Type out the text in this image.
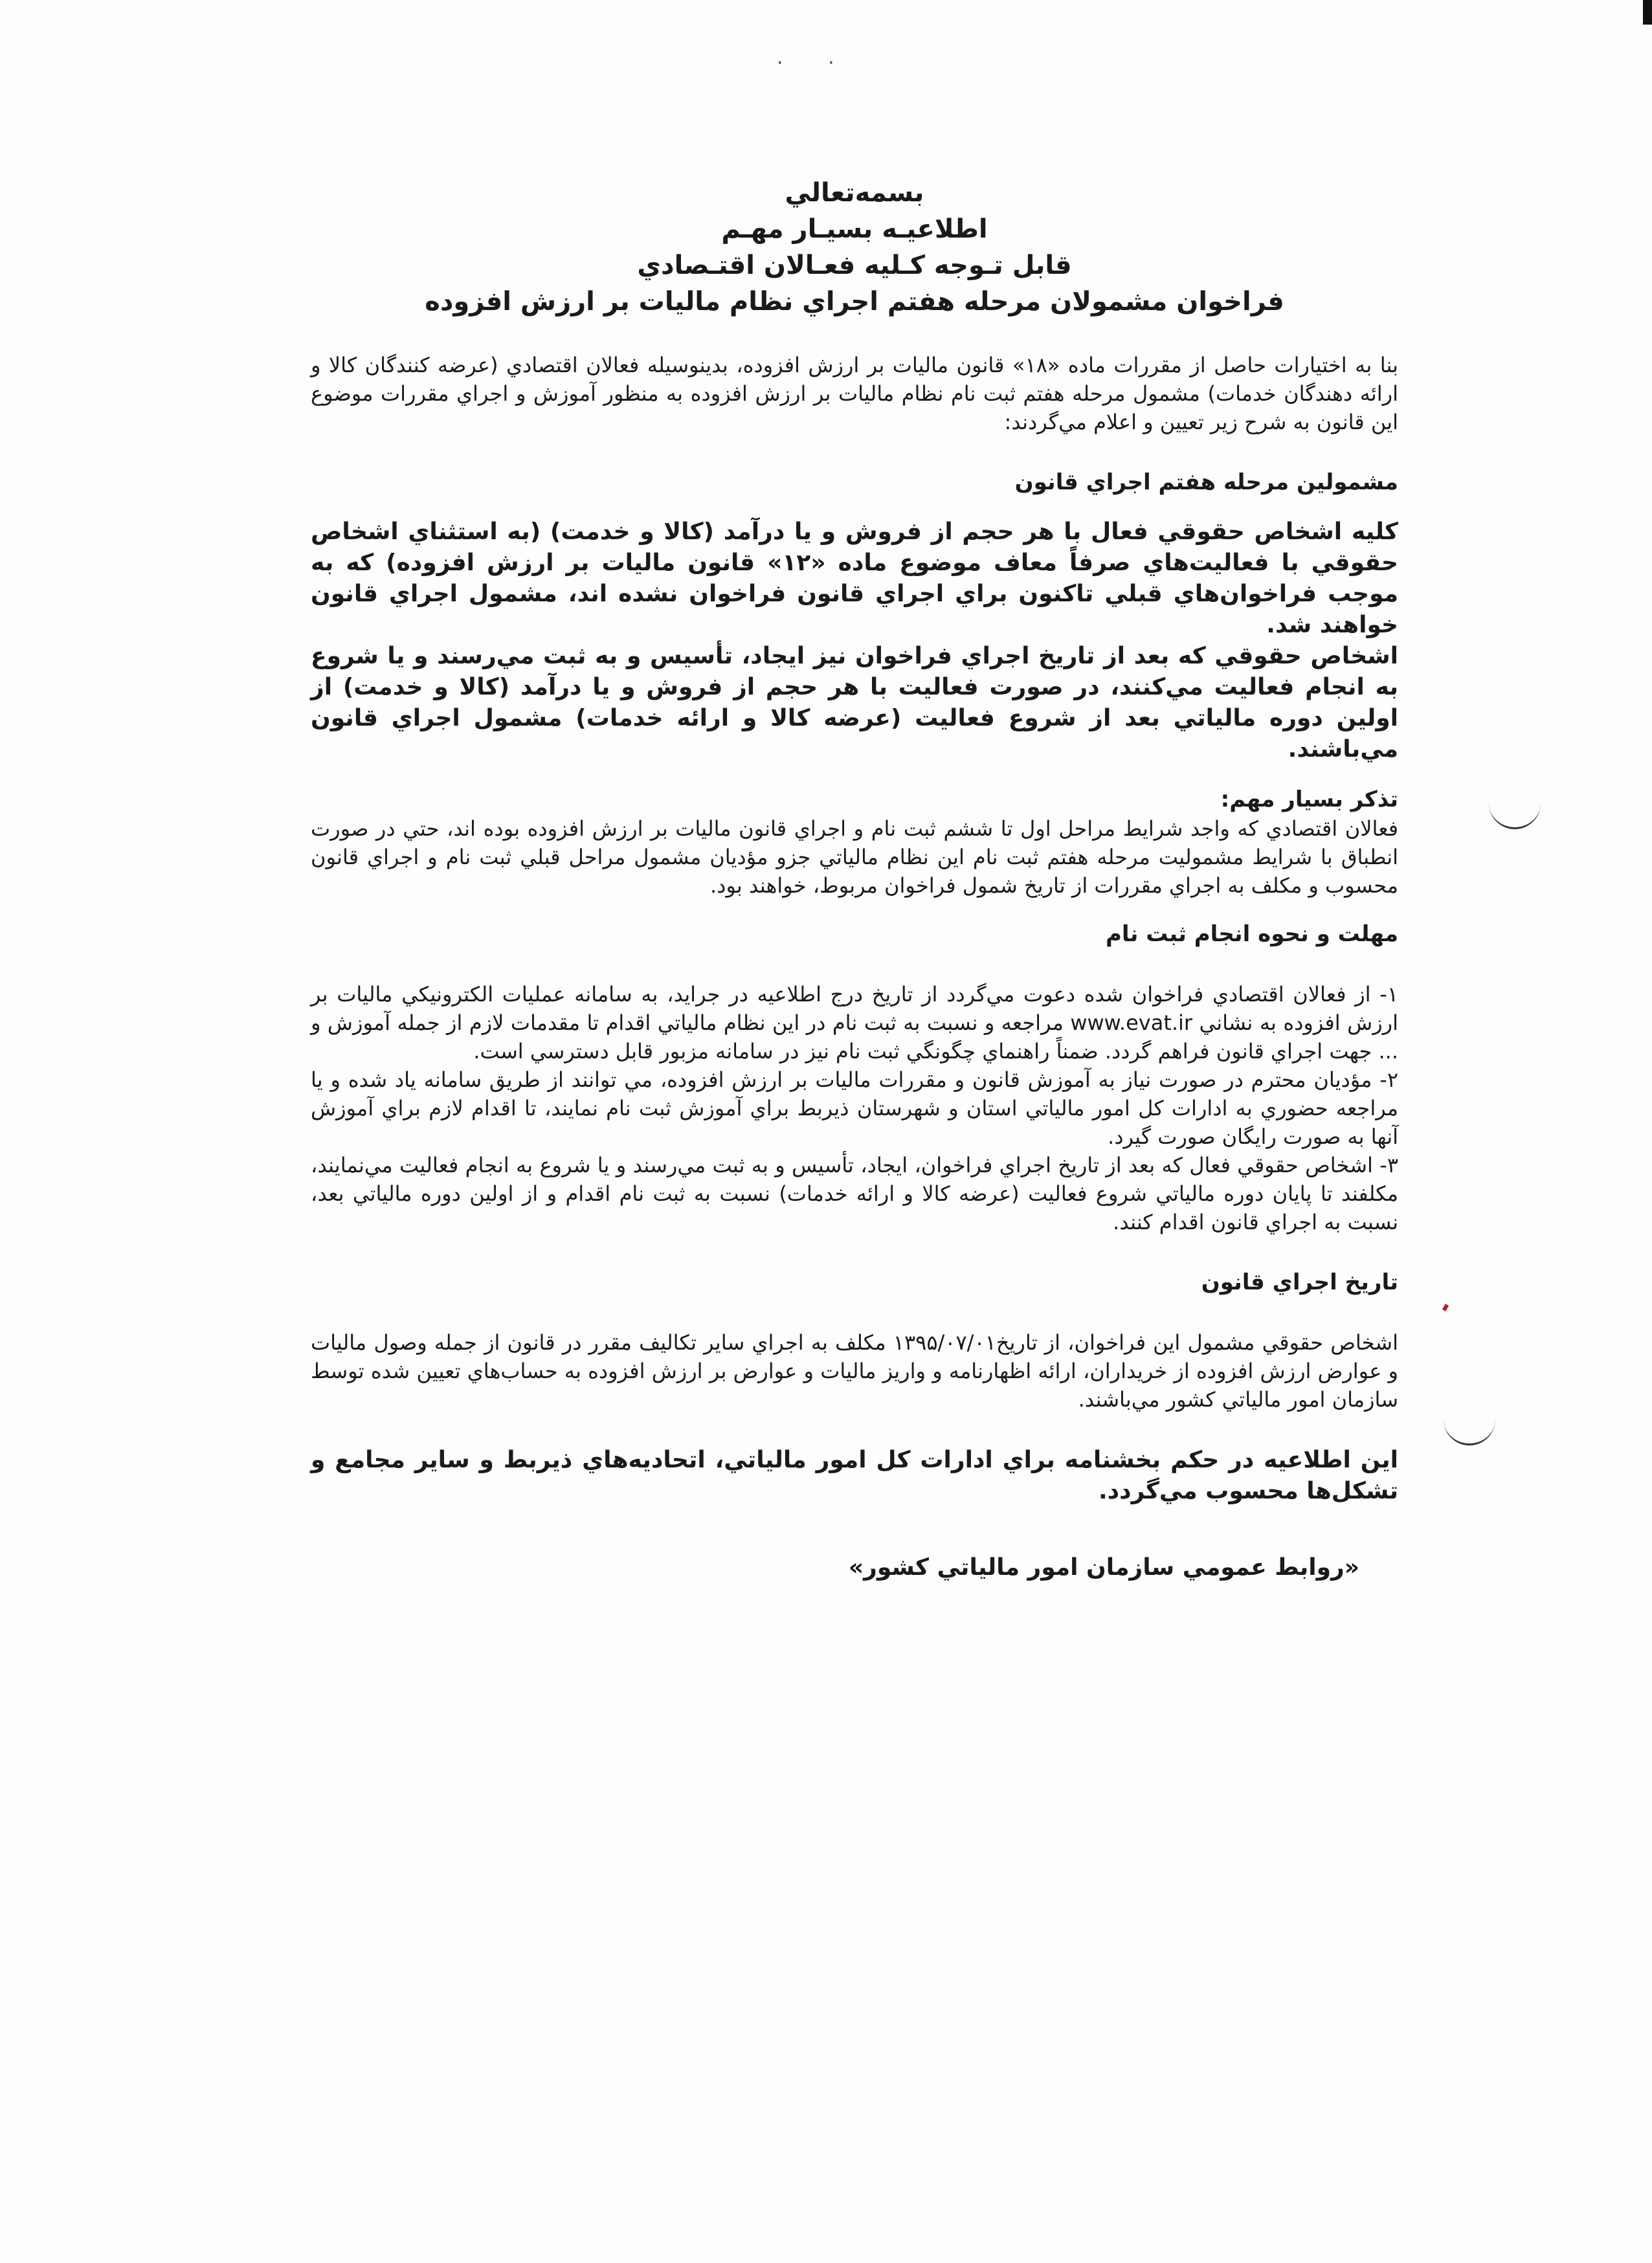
· ·
بسمه‌تعالي
اطلاعيـه بسيـار مهـم
قابل تـوجه كـليه فعـالان اقتـصادي
فراخوان مشمولان مرحله هفتم اجراي نظام ماليات بر ارزش افزوده

بنا به اختيارات حاصل از مقررات ماده «۱۸» قانون ماليات بر ارزش افزوده، بدينوسيله فعالان اقتصادي (عرضه كنندگان كالا و ارائه دهندگان خدمات) مشمول مرحله هفتم ثبت نام نظام ماليات بر ارزش افزوده به منظور آموزش و اجراي مقررات موضوع اين قانون به شرح زير تعيين و اعلام مي‌گردند:

مشمولين مرحله هفتم اجراي قانون

كليه اشخاص حقوقي فعال با هر حجم از فروش و يا درآمد (كالا و خدمت) (به استثناي اشخاص حقوقي با فعاليت‌هاي صرفاً معاف موضوع ماده «۱۲» قانون ماليات بر ارزش افزوده) كه به موجب فراخوان‌هاي قبلي تاكنون براي اجراي قانون فراخوان نشده اند، مشمول اجراي قانون خواهند شد.

اشخاص حقوقي كه بعد از تاريخ اجراي فراخوان نيز ايجاد، تأسيس و به ثبت مي‌رسند و يا شروع به انجام فعاليت مي‌كنند، در صورت فعاليت با هر حجم از فروش و يا درآمد (كالا و خدمت) از اولين دوره مالياتي بعد از شروع فعاليت (عرضه كالا و ارائه خدمات) مشمول اجراي قانون مي‌باشند.

تذكر بسيار مهم:

فعالان اقتصادي كه واجد شرايط مراحل اول تا ششم ثبت نام و اجراي قانون ماليات بر ارزش افزوده بوده اند، حتي در صورت انطباق با شرايط مشموليت مرحله هفتم ثبت نام اين نظام مالياتي جزو مؤديان مشمول مراحل قبلي ثبت نام و اجراي قانون محسوب و مكلف به اجراي مقررات از تاريخ شمول فراخوان مربوط، خواهند بود.

مهلت و نحوه انجام ثبت نام

۱- از فعالان اقتصادي فراخوان شده دعوت مي‌گردد از تاريخ درج اطلاعيه در جرايد، به سامانه عمليات الكترونيكي ماليات بر ارزش افزوده به نشاني www.evat.ir مراجعه و نسبت به ثبت نام در اين نظام مالياتي اقدام تا مقدمات لازم از جمله آموزش و ... جهت اجراي قانون فراهم گردد. ضمناً راهنماي چگونگي ثبت نام نيز در سامانه مزبور قابل دسترسي است.

۲- مؤديان محترم در صورت نياز به آموزش قانون و مقررات ماليات بر ارزش افزوده، مي توانند از طريق سامانه ياد شده و يا مراجعه حضوري به ادارات كل امور مالياتي استان و شهرستان ذيربط براي آموزش ثبت نام نمايند، تا اقدام لازم براي آموزش آنها به صورت رايگان صورت گيرد.

۳- اشخاص حقوقي فعال كه بعد از تاريخ اجراي فراخوان، ايجاد، تأسيس و به ثبت مي‌رسند و يا شروع به انجام فعاليت مي‌نمايند، مكلفند تا پايان دوره مالياتي شروع فعاليت (عرضه كالا و ارائه خدمات) نسبت به ثبت نام اقدام و از اولين دوره مالياتي بعد، نسبت به اجراي قانون اقدام كنند.

تاريخ اجراي قانون

اشخاص حقوقي مشمول اين فراخوان، از تاريخ۱۳۹۵/۰۷/۰۱ مكلف به اجراي ساير تكاليف مقرر در قانون از جمله وصول ماليات و عوارض ارزش افزوده از خريداران، ارائه اظهارنامه و واريز ماليات و عوارض بر ارزش افزوده به حساب‌هاي تعيين شده توسط سازمان امور مالياتي كشور مي‌باشند.

اين اطلاعيه در حكم بخشنامه براي ادارات كل امور مالياتي، اتحاديه‌هاي ذيربط و ساير مجامع و تشكل‌ها محسوب مي‌گردد.

«روابط عمومي سازمان امور مالياتي كشور»
